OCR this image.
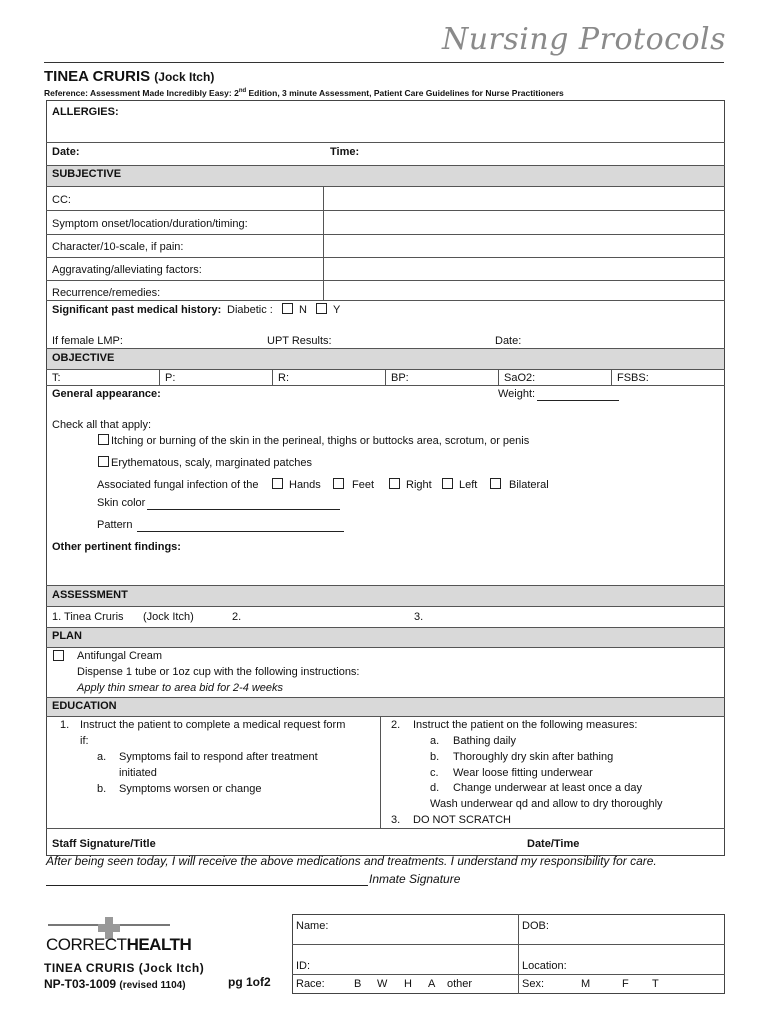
Nursing Protocols
TINEA CRURIS (Jock Itch)
Reference: Assessment Made Incredibly Easy: 2nd Edition, 3 minute Assessment, Patient Care Guidelines for Nurse Practitioners
ALLERGIES:
Date:	Time:
SUBJECTIVE
CC:
Symptom onset/location/duration/timing:
Character/10-scale, if pain:
Aggravating/alleviating factors:
Recurrence/remedies:
Significant past medical history: Diabetic : N Y
If female LMP:	UPT Results:	Date:
OBJECTIVE
T:	P:	R:	BP:	SaO2:	FSBS:
General appearance:	Weight:
Check all that apply:
Itching or burning of the skin in the perineal, thighs or buttocks area, scrotum, or penis
Erythematous, scaly, marginated patches
Associated fungal infection of the	Hands	Feet	Right Left	Bilateral
Skin color
Pattern
Other pertinent findings:
ASSESSMENT
1. Tinea Cruris (Jock Itch)	2.	3.
PLAN
Antifungal Cream
Dispense 1 tube or 1oz cup with the following instructions:
Apply thin smear to area bid for 2-4 weeks
EDUCATION
1. Instruct the patient to complete a medical request form
if:
a. Symptoms fail to respond after treatment
initiated
b. Symptoms worsen or change
2. Instruct the patient on the following measures:
a. Bathing daily
b. Thoroughly dry skin after bathing
c. Wear loose fitting underwear
d. Change underwear at least once a day
Wash underwear qd and allow to dry thoroughly
3. DO NOT SCRATCH
Staff Signature/Title	Date/Time
After being seen today, I will receive the above medications and treatments. I understand my responsibility for care.
Inmate Signature
CORRECTHEALTH
TINEA CRURIS (Jock Itch)
NP-T03-1009 (revised 1104)	pg 1of2
Name:	DOB:
ID:	Location:
Race:	B W H A other	Sex:	M	F T
